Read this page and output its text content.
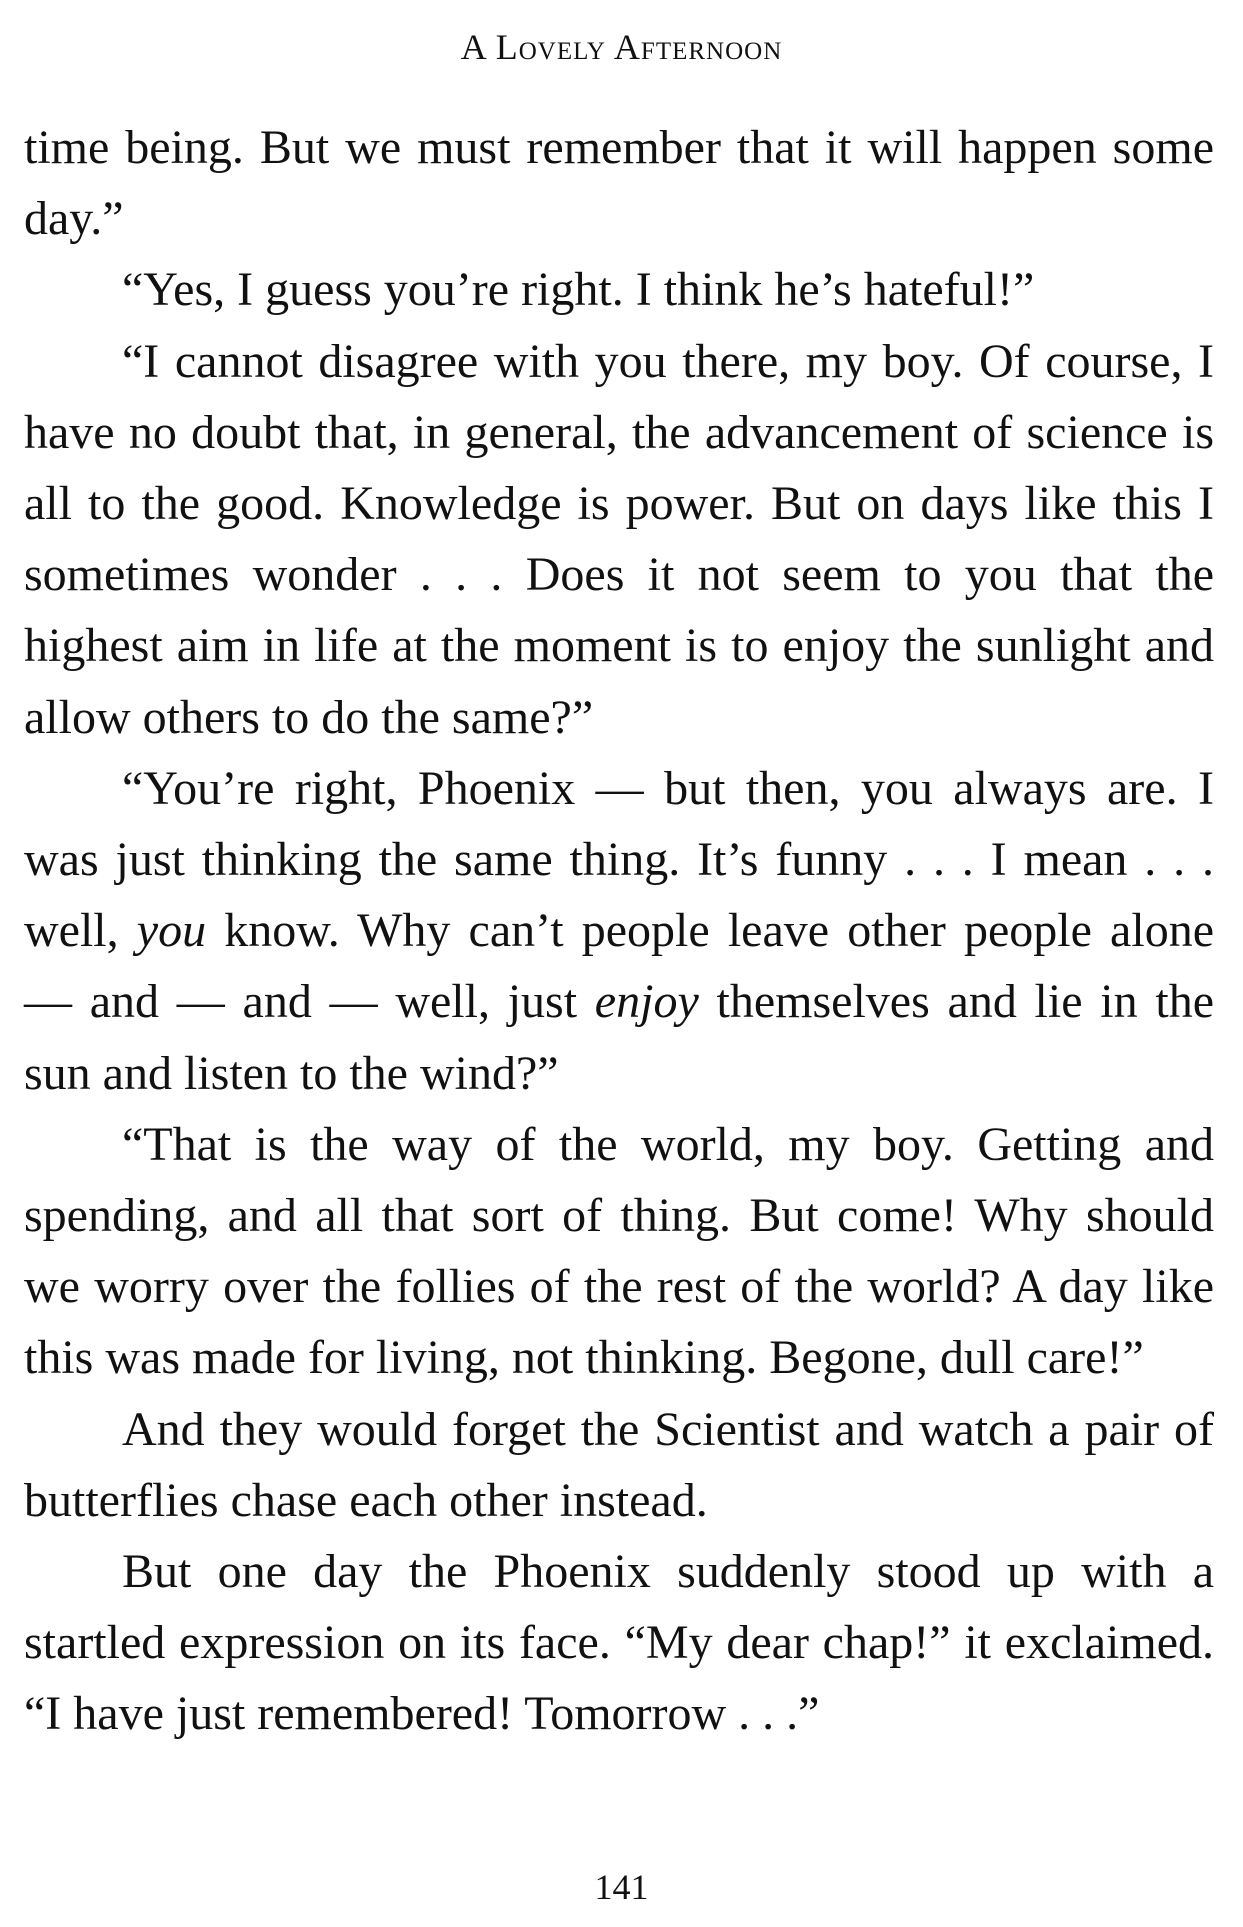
A Lovely Afternoon

time being. But we must remember that it will happen some day.”

“Yes, I guess you’re right. I think he’s hateful!”

“I cannot disagree with you there, my boy. Of course, I have no doubt that, in general, the advancement of science is all to the good. Knowledge is power. But on days like this I sometimes wonder . . . Does it not seem to you that the highest aim in life at the moment is to enjoy the sunlight and allow others to do the same?”

“You’re right, Phoenix — but then, you always are. I was just thinking the same thing. It’s funny . . . I mean . . . well, you know. Why can’t people leave other people alone — and — and — well, just enjoy themselves and lie in the sun and listen to the wind?”

“That is the way of the world, my boy. Getting and spending, and all that sort of thing. But come! Why should we worry over the follies of the rest of the world? A day like this was made for living, not thinking. Begone, dull care!”

And they would forget the Scientist and watch a pair of butterflies chase each other instead.

But one day the Phoenix suddenly stood up with a startled expression on its face. “My dear chap!” it exclaimed. “I have just remembered! Tomorrow . . .”

141
